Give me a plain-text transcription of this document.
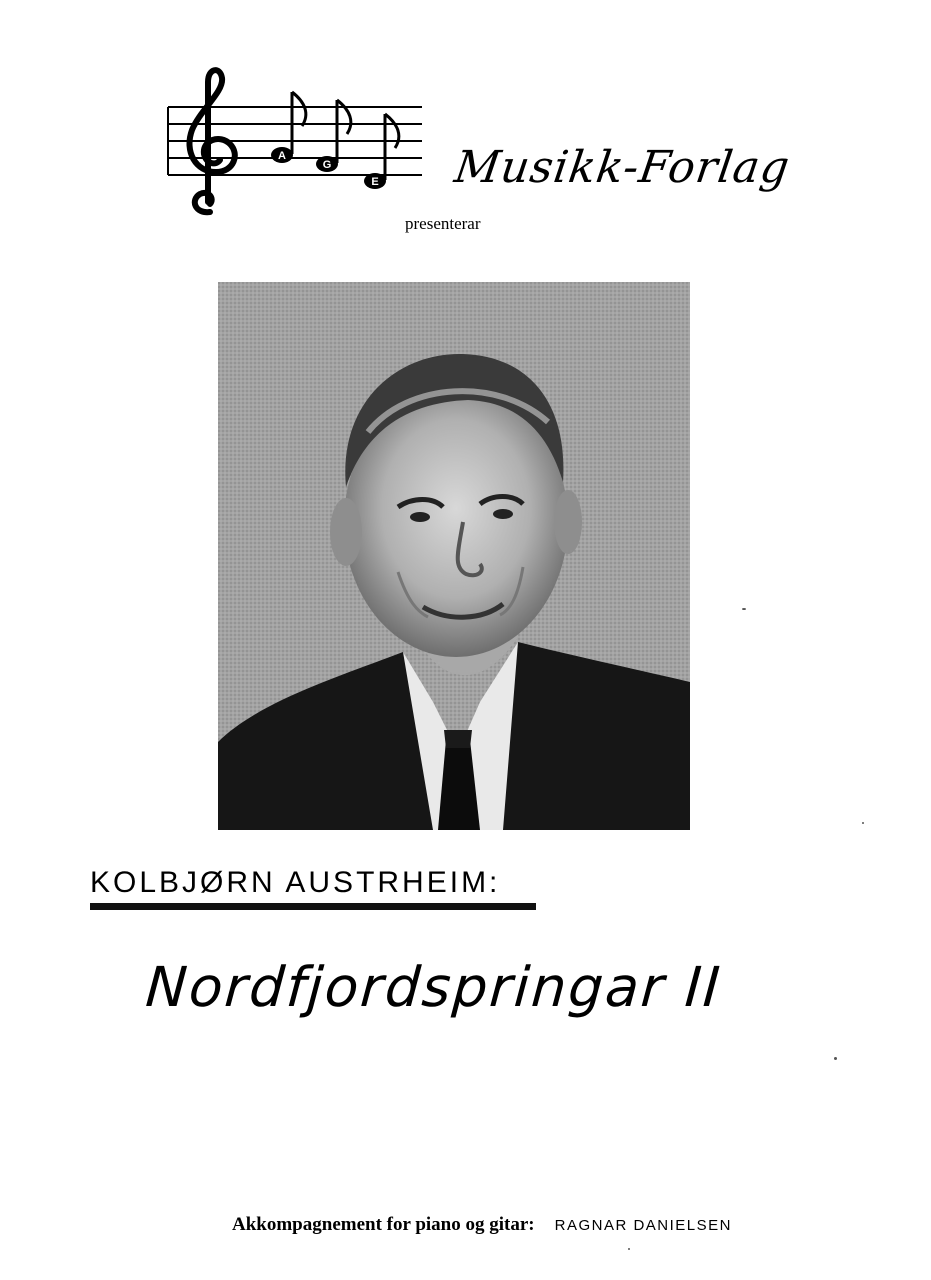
A
G
E Musikk-Forlag
presenterar
KOLBJØRN AUSTRHEIM:
Nordfjordspringar II
Akkompagnement for piano og gitar: RAGNAR DANIELSEN
